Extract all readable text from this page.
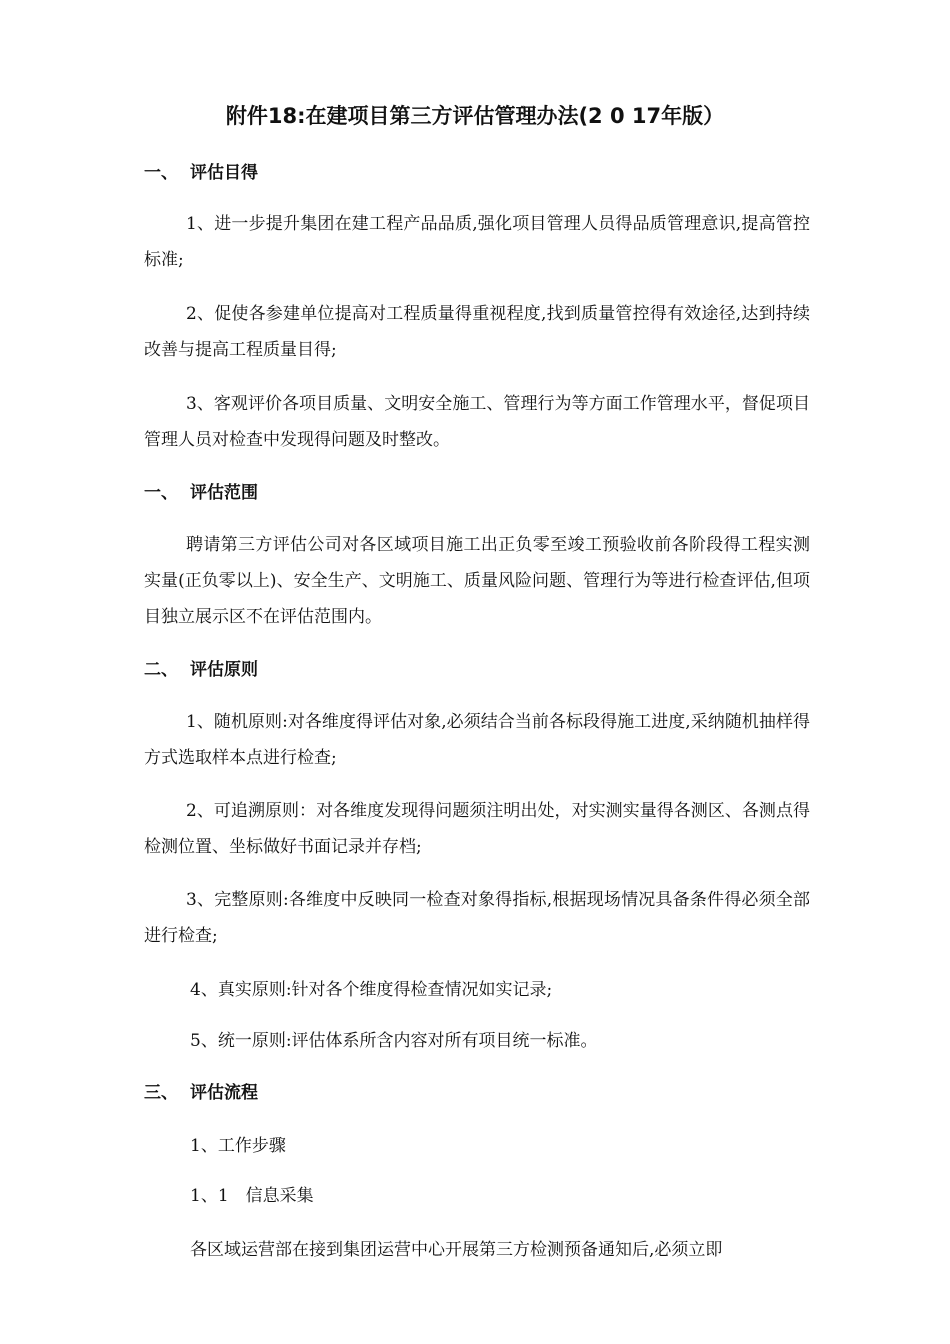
附件18:在建项目第三方评估管理办法(2 0 17年版）
一、 评估目得
1、进一步提升集团在建工程产品品质,强化项目管理人员得品质管理意识,提高管控标准;
2、促使各参建单位提高对工程质量得重视程度,找到质量管控得有效途径,达到持续改善与提高工程质量目得;
3、客观评价各项目质量、文明安全施工、管理行为等方面工作管理水平，督促项目管理人员对检查中发现得问题及时整改。
一、 评估范围
聘请第三方评估公司对各区域项目施工出正负零至竣工预验收前各阶段得工程实测实量(正负零以上)、安全生产、文明施工、质量风险问题、管理行为等进行检查评估,但项目独立展示区不在评估范围内。
二、 评估原则
1、随机原则:对各维度得评估对象,必须结合当前各标段得施工进度,采纳随机抽样得方式选取样本点进行检查;
2、可追溯原则：对各维度发现得问题须注明出处，对实测实量得各测区、各测点得检测位置、坐标做好书面记录并存档;
3、完整原则:各维度中反映同一检查对象得指标,根据现场情况具备条件得必须全部进行检查;
4、真实原则:针对各个维度得检查情况如实记录;
5、统一原则:评估体系所含内容对所有项目统一标准。
三、 评估流程
1、工作步骤
1、1　信息采集
各区域运营部在接到集团运营中心开展第三方检测预备通知后,必须立即
